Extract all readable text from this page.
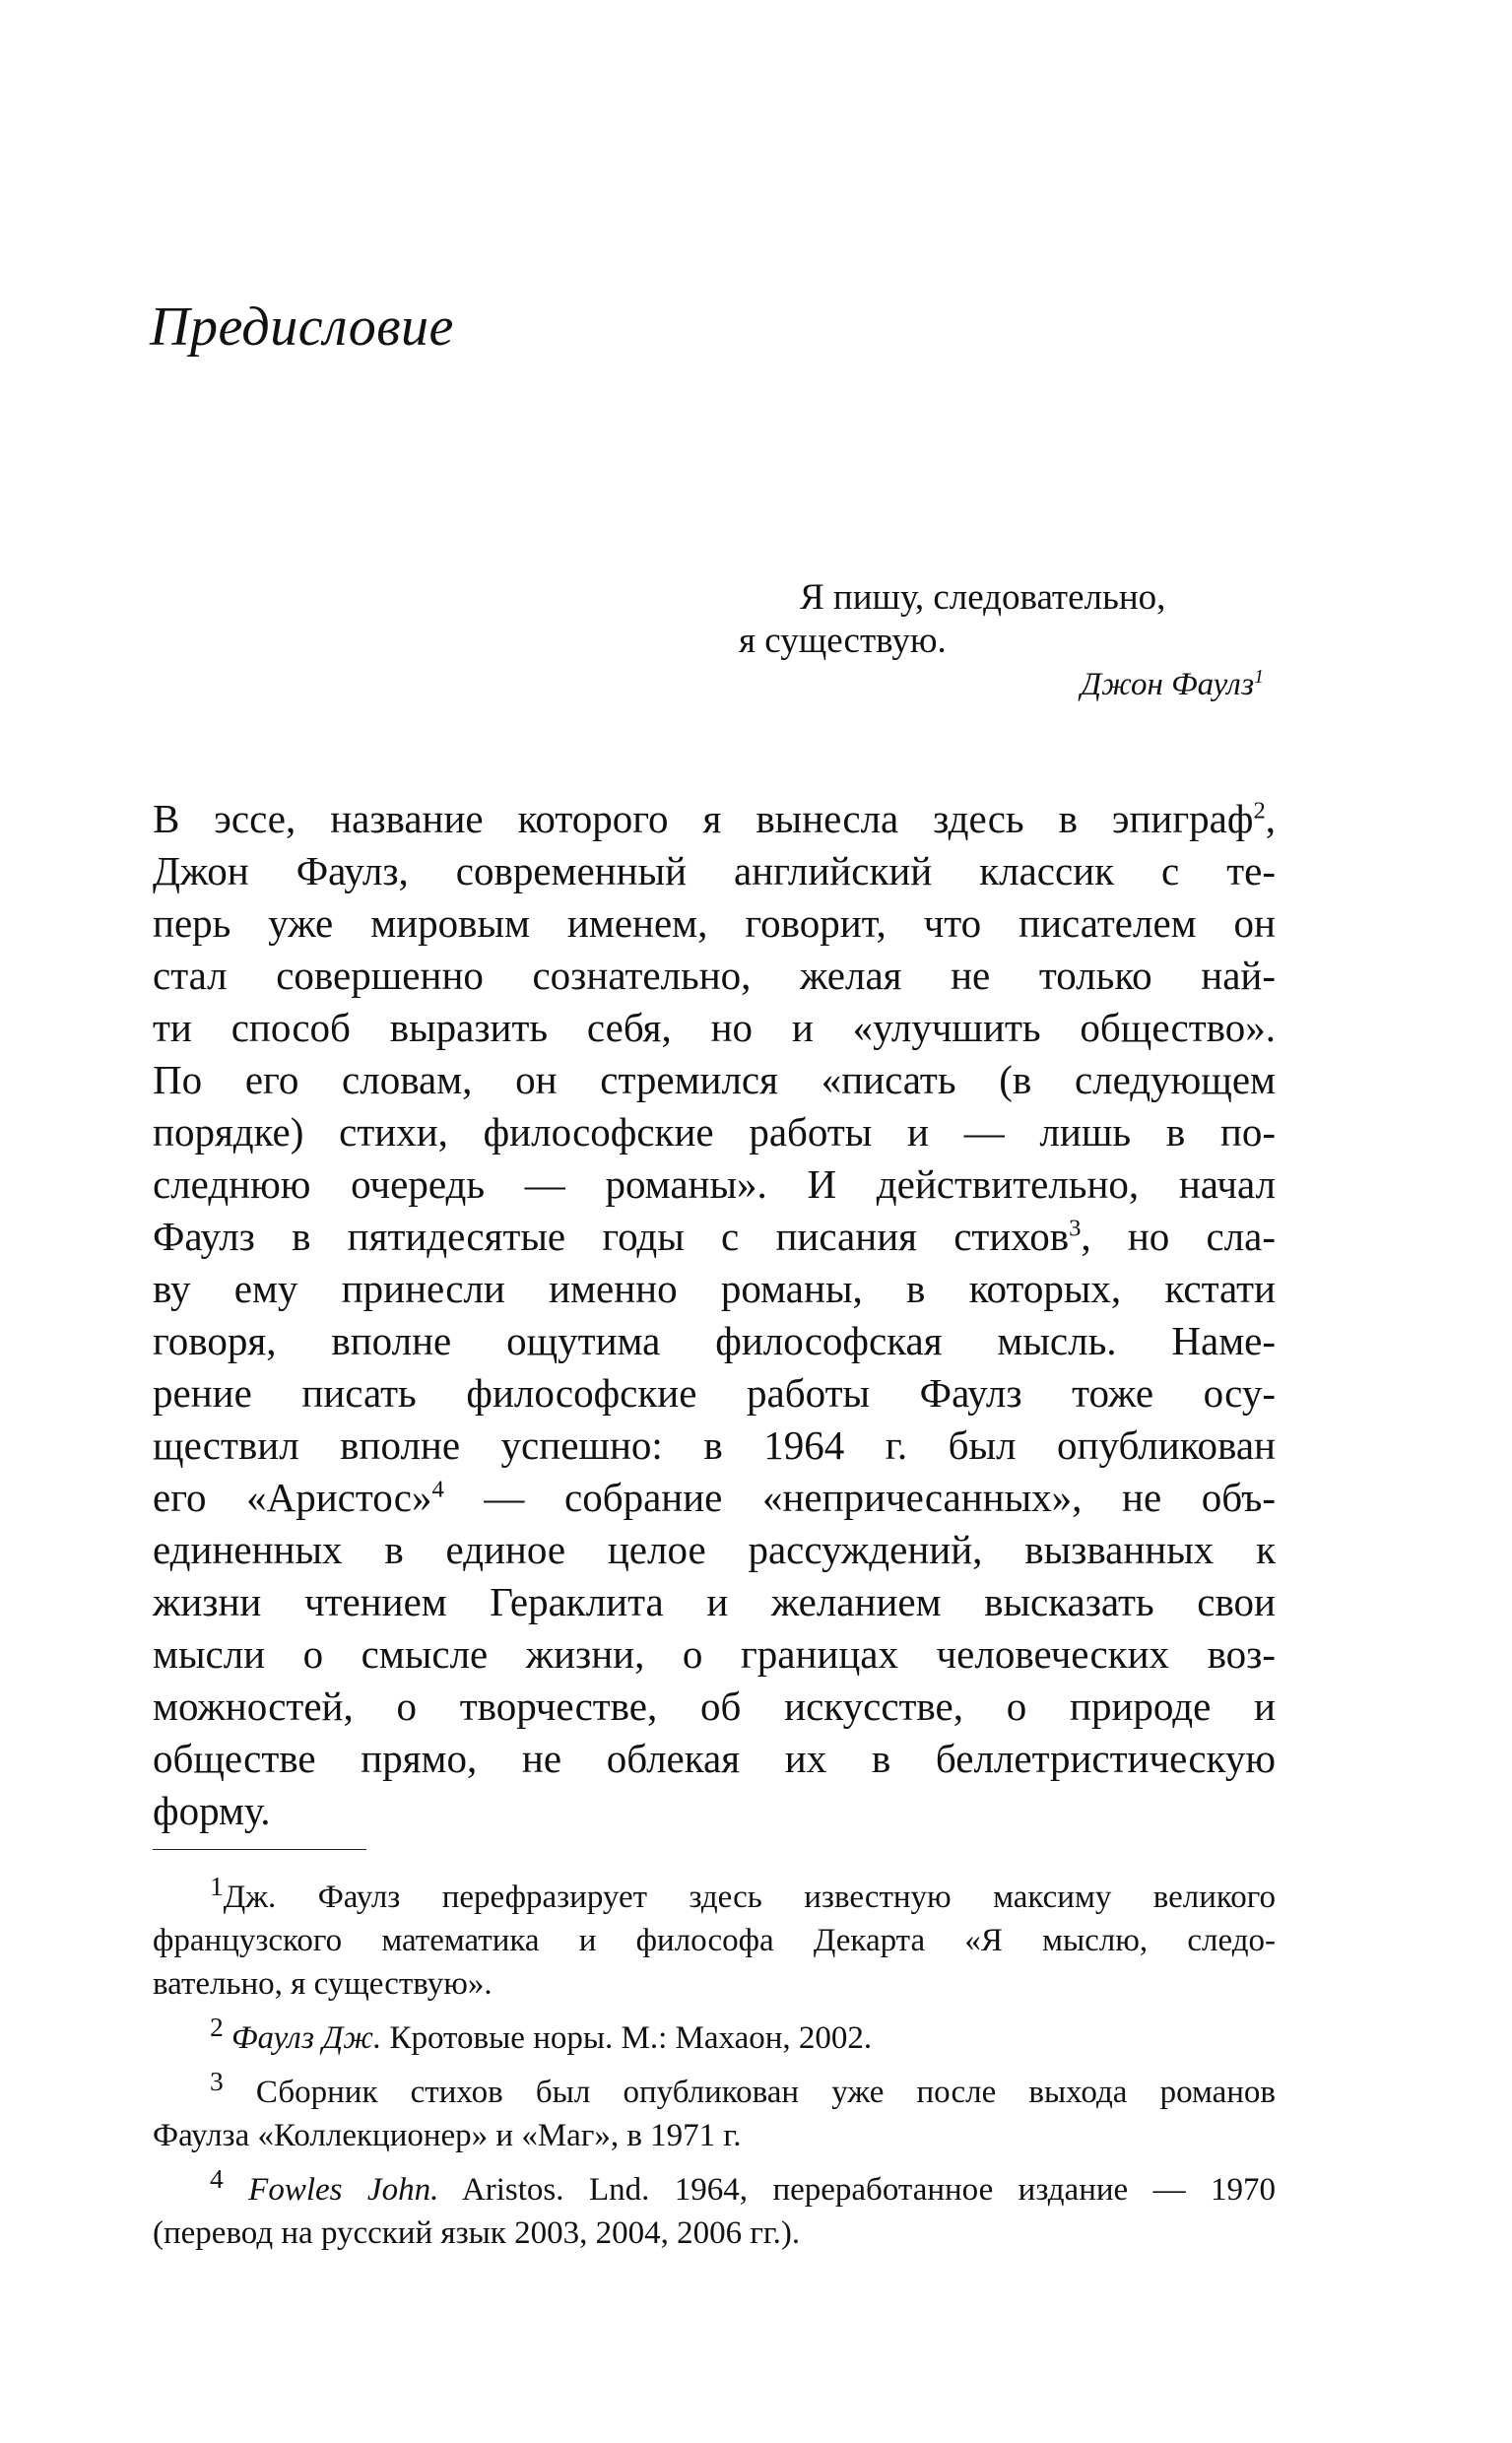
Предисловие
Я пишу, следовательно,
я существую.
Джон Фаулз$^1$
В эссе, название которого я вынесла здесь в эпиграф$^2$,
Джон Фаулз, современный английский классик с те-
перь уже мировым именем, говорит, что писателем он
стал совершенно сознательно, желая не только най-
ти способ выразить себя, но и «улучшить общество».
По его словам, он стремился «писать (в следующем
порядке) стихи, философские работы и — лишь в по-
следнюю очередь — романы». И действительно, начал
Фаулз в пятидесятые годы с писания стихов$^3$, но сла-
ву ему принесли именно романы, в которых, кстати
говоря, вполне ощутима философская мысль. Наме-
рение писать философские работы Фаулз тоже осу-
ществил вполне успешно: в 1964 г. был опубликован
его «Аристос»$^4$ — собрание «непричесанных», не объ-
единенных в единое целое рассуждений, вызванных к
жизни чтением Гераклита и желанием высказать свои
мысли о смысле жизни, о границах человеческих воз-
можностей, о творчестве, об искусстве, о природе и
обществе прямо, не облекая их в беллетристическую
форму.
$^1$Дж. Фаулз перефразирует здесь известную максиму великого
французского математика и философа Декарта «Я мыслю, следо-
вательно, я существую».
$^2$ Фаулз Дж. Кротовые норы. М.: Махаон, 2002.
$^3$ Сборник стихов был опубликован уже после выхода романов
Фаулза «Коллекционер» и «Маг», в 1971 г.
$^4$ Fowles John. Aristos. Lnd. 1964, переработанное издание — 1970
(перевод на русский язык 2003, 2004, 2006 гг.).
